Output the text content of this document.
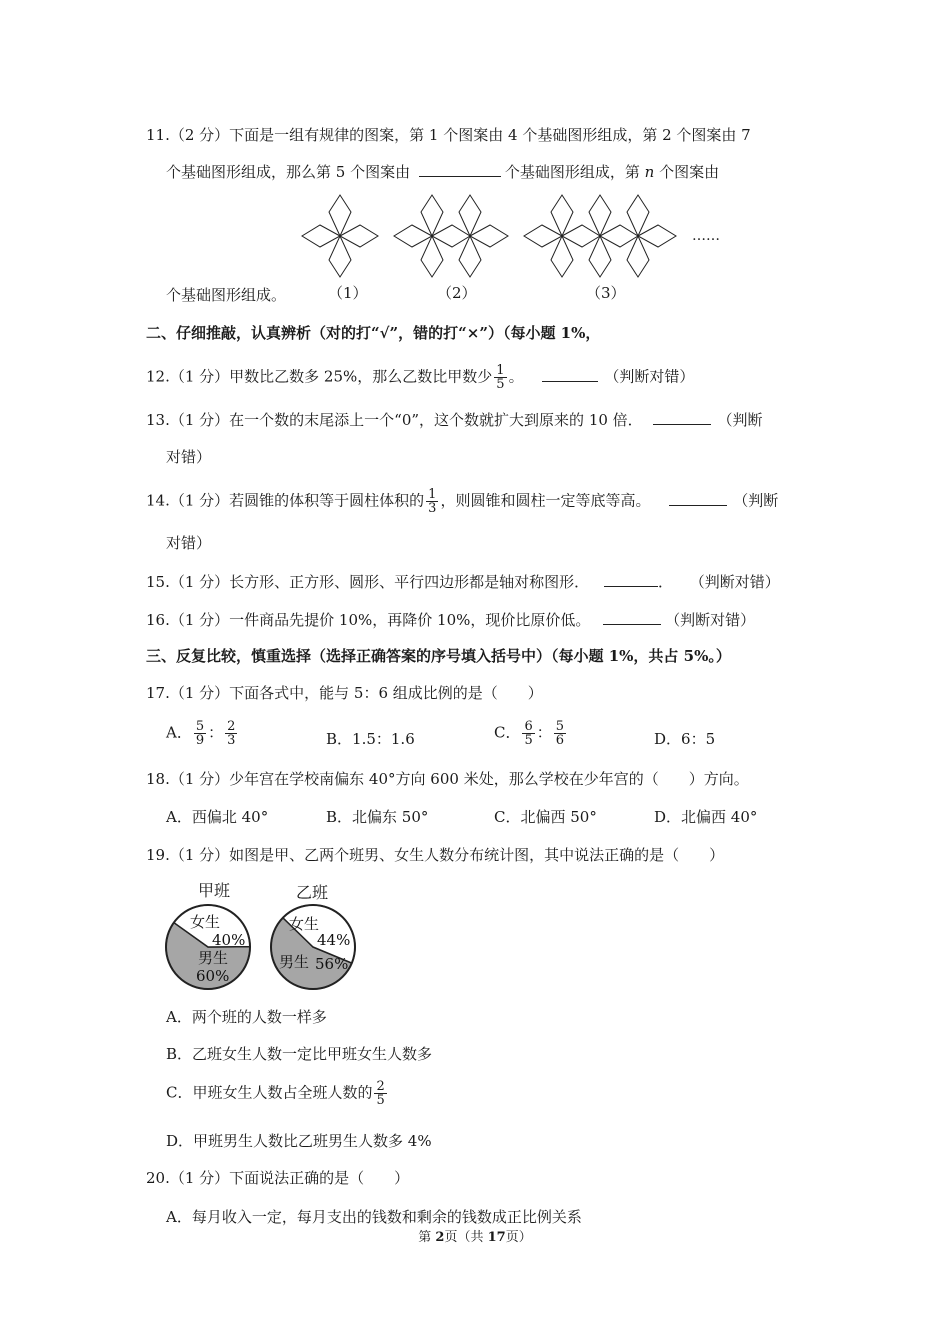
11.（2 分）下面是一组有规律的图案，第 1 个图案由 4 个基础图形组成，第 2 个图案由 7
个基础图形组成，那么第 5 个图案由	个基础图形组成，第 n 个图案由
……
个基础图形组成。	（1）	（2）	（3）
二、仔细推敲，认真辨析（对的打“√”，错的打“×”）（每小题 1%，
12.（1 分）甲数比乙数多 25%，那么乙数比甲数少 $\frac{1}{5}$ 。	（判断对错）
13.（1 分）在一个数的末尾添上一个“0”，这个数就扩大到原来的 10 倍．	（判断
对错）
14.（1 分）若圆锥的体积等于圆柱体积的 $\frac{1}{3}$ ，则圆锥和圆柱一定等底等高。	（判断
对错）
15.（1 分）长方形、正方形、圆形、平行四边形都是轴对称图形．	． （判断对错）
16.（1 分）一件商品先提价 10%，再降价 10%，现价比原价低。	（判断对错）
三、反复比较，慎重选择（选择正确答案的序号填入括号中）（每小题 1%，共占 5%。）
17.（1 分）下面各式中，能与 5：6 组成比例的是（　　）
A． $\frac{5}{9}$ ： $\frac{2}{3}$	B．1.5：1.6	C． $\frac{6}{5}$ ： $\frac{5}{6}$	D．6：5
18.（1 分）少年宫在学校南偏东 40°方向 600 米处，那么学校在少年宫的（　　）方向。
A．西偏北 40°	B．北偏东 50°	C．北偏西 50°	D．北偏西 40°
19.（1 分）如图是甲、乙两个班男、女生人数分布统计图，其中说法正确的是（　　）
甲班	乙班
女生
40%
男生
60%
女生
44%
男生 56%
A．两个班的人数一样多
B．乙班女生人数一定比甲班女生人数多
C．甲班女生人数占全班人数的 $\frac{2}{5}$
D．甲班男生人数比乙班男生人数多 4%
20.（1 分）下面说法正确的是（　　）
A．每月收入一定，每月支出的钱数和剩余的钱数成正比例关系
第 2页（共 17页）
